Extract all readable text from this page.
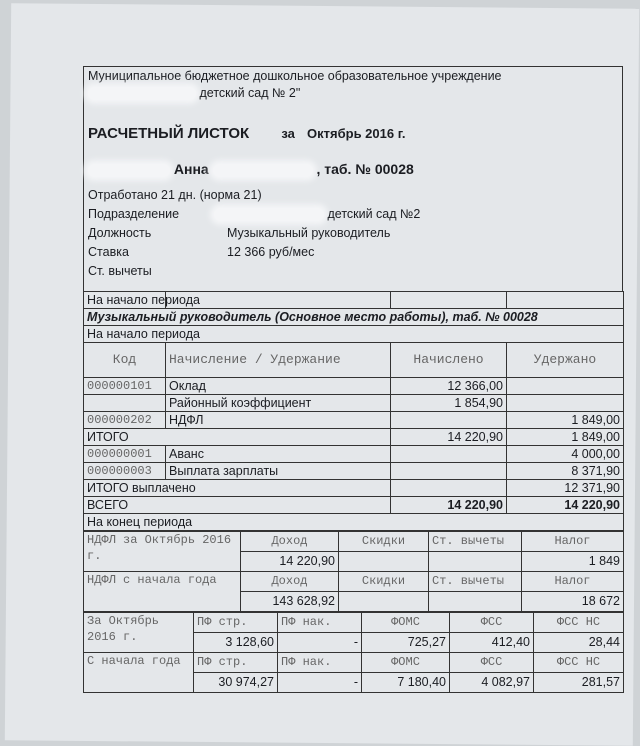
Муниципальное бюджетное дошкольное образовательное учреждение
детский сад № 2"
РАСЧЕТНЫЙ ЛИСТОК за Октябрь 2016 г.
Анна	, таб. № 00028
Отработано 21 дн. (норма 21)
Подразделение	детский сад №2
Должность	Музыкальный руководитель
Ставка	12 366 руб/мес
Ст. вычеты
На начало периода			
Музыкальный руководитель (Основное место работы), таб. № 00028			
На начало периода			
Код	Начисление / Удержание	Начислено	Удержано
000000101	Оклад	12 366,00	
	Районный коэффициент	1 854,90	
000000202	НДФЛ		1 849,00
ИТОГО		14 220,90	1 849,00
000000001	Аванс		4 000,00
000000003	Выплата зарплаты		8 371,90
ИТОГО выплачено			12 371,90
ВСЕГО		14 220,90	14 220,90
На конец периода			
НДФЛ за Октябрь 2016 г.	Доход	Скидки	Ст. вычеты	Налог
	14 220,90			1 849
НДФЛ с начала года	Доход	Скидки	Ст. вычеты	Налог
	143 628,92			18 672
За Октябрь 2016 г.	ПФ стр.	ПФ нак.	ФОМС	ФСС	ФСС НС
	3 128,60	-	725,27	412,40	28,44
С начала года	ПФ стр.	ПФ нак.	ФОМС	ФСС	ФСС НС
	30 974,27	-	7 180,40	4 082,97	281,57
